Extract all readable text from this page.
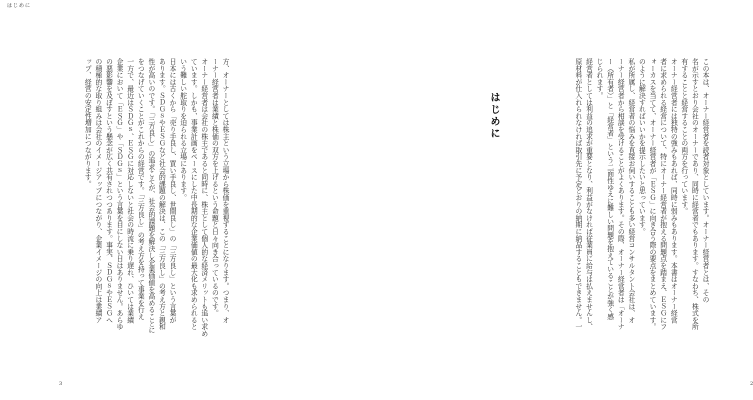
はじめに
方、オーナーとしては株主という立場から株価を重視することになります。つまり、オ
ーナー経営者は業績と株価の双方を上げるという命題と日々向き合っているのです。
オーナー経営者は会社の株主であると同時に、株主として個人的な経済メリットも追い求め
ています。しかも、事業計画をベースにした中長期的な企業価値の最大化も求められると
いう難しい舵取りを迫られる立場にあります。
日本には古くから「売り手良し、買い手良し、世間良し」の「三方良し」という言葉が
あります。ＳＤＧｓやＥＳＧなど社会的課題の解決は、この「三方良し」の考え方と親和
性が高いのです。「三方良し」の追求こそが、社会的課題を解決し企業価値を高めることに
をつなげていくことがこれからの経営です。「三方良し」の考え方を持って事業を行え
一方で、最近はＳＤＧｓ、ＥＳＧに対応しないと社会の時流に乗り遅れ、ひいては業績
企業において「ＥＳＧ」や「ＳＤＧｓ」という言葉を目にしない日はありません。あらゆ
の悪影響を及ぼすという懸念が広く共有されつつあります。事実、ＳＤＧｓやＥＳＧへ
の積極的な取り組みは会社のイメージアップにつながり、企業イメージの向上は業績ア
ップ、経営の安定性増加につながります。
3
この本は、オーナー経営者を読者対象としています。オーナー経営者とは、その
名が示すとおり会社のオーナーであり、同時に経営者でもあります。すなわち、株式を所
有することと経営することの両方を行っています。
オーナー経営者には独特の強みもあれば、同時に弱みもあります。本書はオーナー経営
者に求められる経営について、特にオーナー経営者が抱える問題点を踏まえ、ＥＳＧにフ
ォーカスを当てて、オーナー経営者が「ＥＳＧ」に向き合う際の要点をまとめています。
のように解決すればいいかを提示したいと思っています。
私が所属し、経営者の悩みを直接お伺いすることも多い経営コンサルタント会社は、オ
ーナー経営者から相談を受けることがよくあります。その際、オーナー経営者は「オーナ
ー（所有者）」と「経営者」という二面性ゆえに難しい問題を抱えていることが強く感
じられます。
経営者としては利益の追求が重要となり、利益がなければ従業員に給与は払えませんし、
原材料が仕入れられなければ取引先に予定どおりの納期に納品することもできません。一
2
はじめに
